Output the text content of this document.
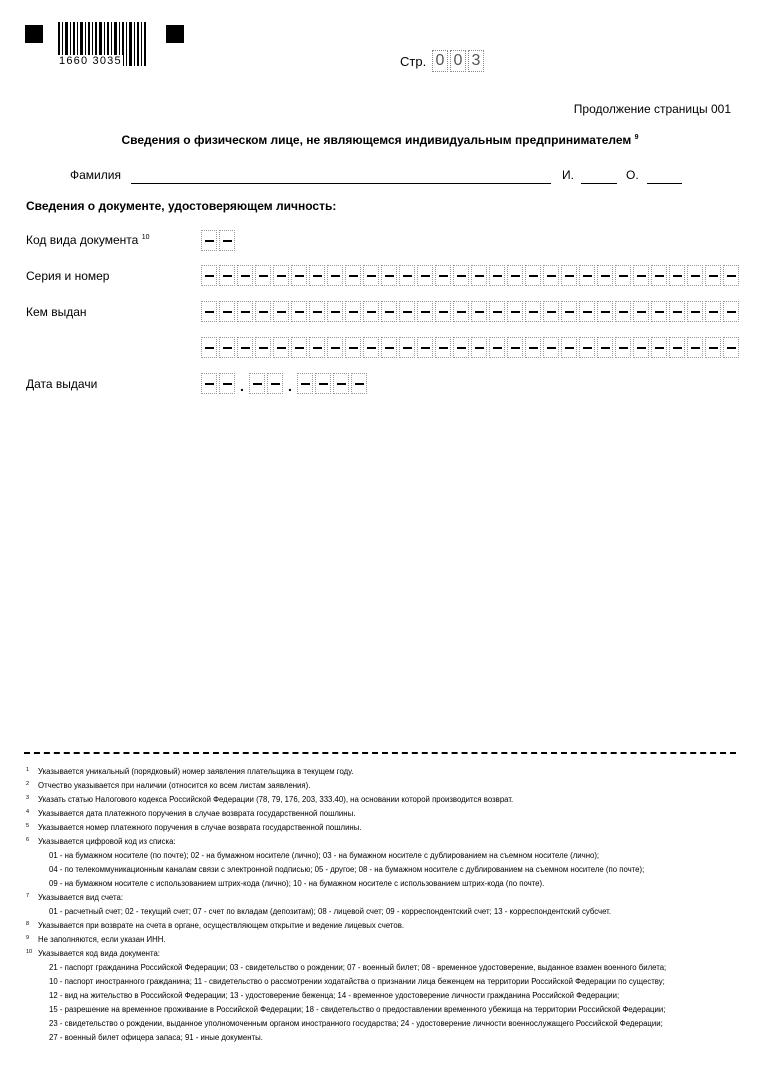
1660 3035	Стр. 0 0 3
Продолжение страницы 001
Сведения о физическом лице, не являющемся индивидуальным предпринимателем $^9$
Фамилия	И.	О.
Сведения о документе, удостоверяющем личность:
Код вида документа $^{10}$
Серия и номер
Кем выдан
Дата выдачи	.	.
1	Указывается уникальный (порядковый) номер заявления плательщика в текущем году.
2	Отчество указывается при наличии (относится ко всем листам заявления).
3	Указать статью Налогового кодекса Российской Федерации (78, 79, 176, 203, 333.40), на основании которой производится возврат.
4	Указывается дата платежного поручения в случае возврата государственной пошлины.
5	Указывается номер платежного поручения в случае возврата государственной пошлины.
6	Указывается цифровой код из списка:
01 - на бумажном носителе (по почте); 02 - на бумажном носителе (лично); 03 - на бумажном носителе с дублированием на съемном носителе (лично);
04 - по телекоммуникационным каналам связи с электронной подписью; 05 - другое; 08 - на бумажном носителе с дублированием на съемном носителе (по почте);
09 - на бумажном носителе с использованием штрих-кода (лично); 10 - на бумажном носителе с использованием штрих-кода (по почте).
7	Указывается вид счета:
01 - расчетный счет; 02 - текущий счет; 07 - счет по вкладам (депозитам); 08 - лицевой счет; 09 - корреспондентский счет; 13 - корреспондентский субсчет.
8	Указывается при возврате на счета в органе, осуществляющем открытие и ведение лицевых счетов.
9	Не заполняются, если указан ИНН.
10 Указывается код вида документа:
21 - паспорт гражданина Российской Федерации; 03 - свидетельство о рождении; 07 - военный билет; 08 - временное удостоверение, выданное взамен военного билета;
10 - паспорт иностранного гражданина; 11 - свидетельство о рассмотрении ходатайства о признании лица беженцем на территории Российской Федерации по существу;
12 - вид на жительство в Российской Федерации; 13 - удостоверение беженца; 14 - временное удостоверение личности гражданина Российской Федерации;
15 - разрешение на временное проживание в Российской Федерации; 18 - свидетельство о предоставлении временного убежища на территории Российской Федерации;
23 - свидетельство о рождении, выданное уполномоченным органом иностранного государства; 24 - удостоверение личности военнослужащего Российской Федерации;
27 - военный билет офицера запаса; 91 - иные документы.
